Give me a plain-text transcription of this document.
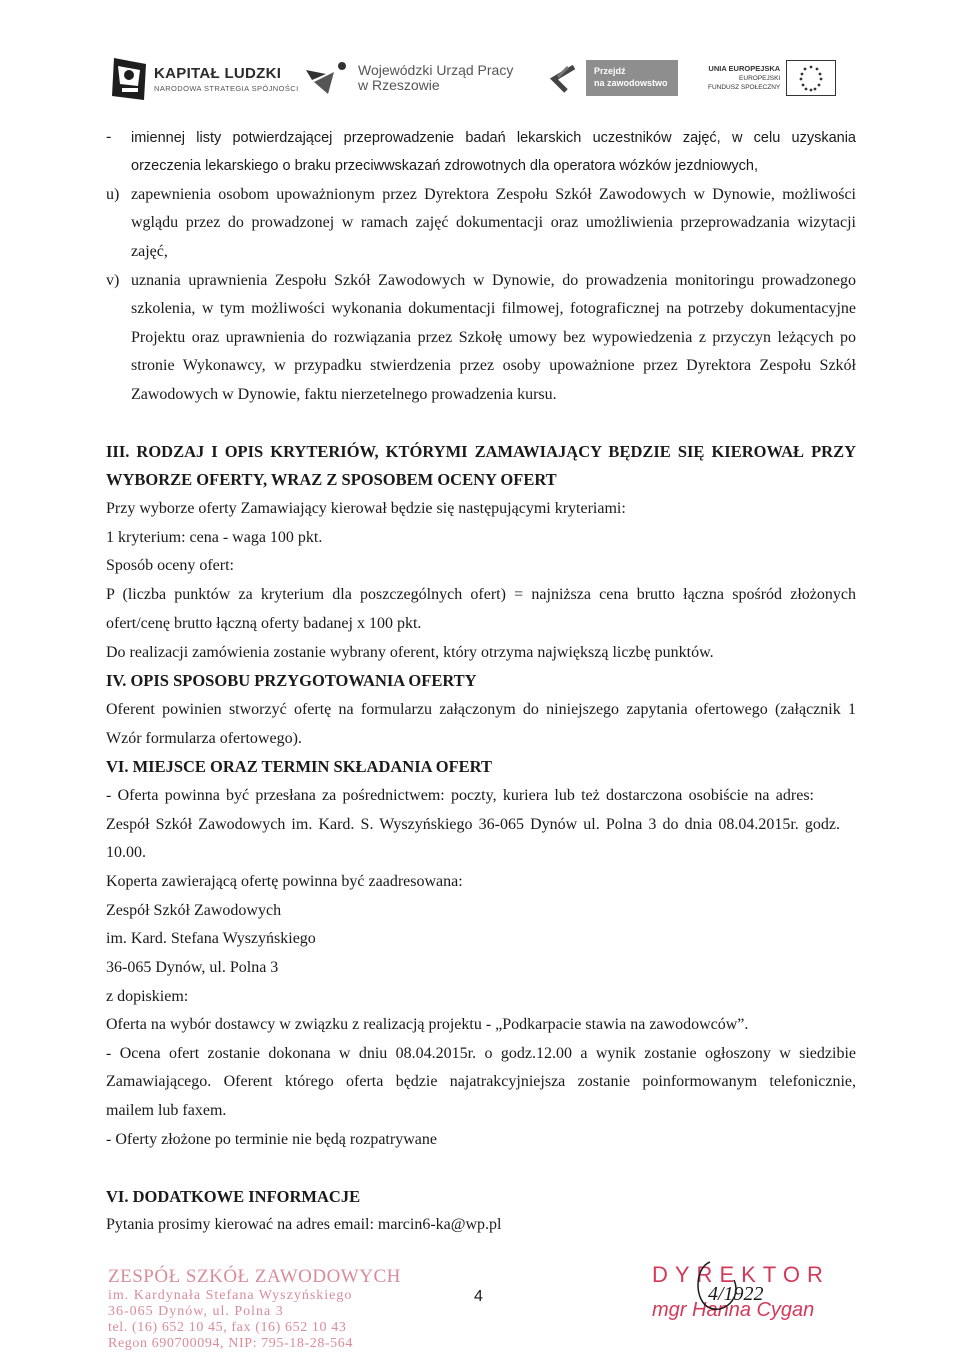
KAPITAŁ LUDZKI
NARODOWA STRATEGIA SPÓJNOŚCI
Wojewódzki Urząd Pracy
w Rzeszowie
Przejdź
na zawodowstwo
UNIA EUROPEJSKA
EUROPEJSKI
FUNDUSZ SPOŁECZNY
- imiennej listy potwierdzającej przeprowadzenie badań lekarskich uczestników zajęć, w celu uzyskania
orzeczenia lekarskiego o braku przeciwwskazań zdrowotnych dla operatora wózków jezdniowych,
u) zapewnienia osobom upoważnionym przez Dyrektora Zespołu Szkół Zawodowych w Dynowie, możliwości
wglądu przez do prowadzonej w ramach zajęć dokumentacji oraz umożliwienia przeprowadzania wizytacji
zajęć,
v) uznania uprawnienia Zespołu Szkół Zawodowych w Dynowie, do prowadzenia monitoringu prowadzonego
szkolenia, w tym możliwości wykonania dokumentacji filmowej, fotograficznej na potrzeby dokumentacyjne
Projektu oraz uprawnienia do rozwiązania przez Szkołę umowy bez wypowiedzenia z przyczyn leżących po
stronie Wykonawcy, w przypadku stwierdzenia przez osoby upoważnione przez Dyrektora Zespołu Szkół
Zawodowych w Dynowie, faktu nierzetelnego prowadzenia kursu.
III. RODZAJ I OPIS KRYTERIÓW, KTÓRYMI ZAMAWIAJĄCY BĘDZIE SIĘ KIEROWAŁ PRZY
WYBORZE OFERTY, WRAZ Z SPOSOBEM OCENY OFERT
Przy wyborze oferty Zamawiający kierował będzie się następującymi kryteriami:
1 kryterium: cena - waga 100 pkt.
Sposób oceny ofert:
P (liczba punktów za kryterium dla poszczególnych ofert) = najniższa cena brutto łączna spośród złożonych
ofert/cenę brutto łączną oferty badanej x 100 pkt.
Do realizacji zamówienia zostanie wybrany oferent, który otrzyma największą liczbę punktów.
IV. OPIS SPOSOBU PRZYGOTOWANIA OFERTY
Oferent powinien stworzyć ofertę na formularzu załączonym do niniejszego zapytania ofertowego (załącznik 1
Wzór formularza ofertowego).
VI. MIEJSCE ORAZ TERMIN SKŁADANIA OFERT
- Oferta powinna być przesłana za pośrednictwem: poczty, kuriera lub też dostarczona osobiście na adres:
Zespół Szkół Zawodowych im. Kard. S. Wyszyńskiego 36-065 Dynów ul. Polna 3 do dnia 08.04.2015r. godz.
10.00.
Koperta zawierającą ofertę powinna być zaadresowana:
Zespół Szkół Zawodowych
im. Kard. Stefana Wyszyńskiego
36-065 Dynów, ul. Polna 3
z dopiskiem:
Oferta na wybór dostawcy w związku z realizacją projektu - „Podkarpacie stawia na zawodowców”.
- Ocena ofert zostanie dokonana w dniu 08.04.2015r. o godz.12.00 a wynik zostanie ogłoszony w siedzibie
Zamawiającego. Oferent którego oferta będzie najatrakcyjniejsza zostanie poinformowanym telefonicznie,
mailem lub faxem.
- Oferty złożone po terminie nie będą rozpatrywane
VI. DODATKOWE INFORMACJE
Pytania prosimy kierować na adres email: marcin6-ka@wp.pl
ZESPÓŁ SZKÓŁ ZAWODOWYCH
im. Kardynała Stefana Wyszyńskiego
36-065 Dynów, ul. Polna 3
tel. (16) 652 10 45, fax (16) 652 10 43
Regon 690700094, NIP: 795-18-28-564
4
DYREKTOR
mgr Hanna Cygan
4/1922
